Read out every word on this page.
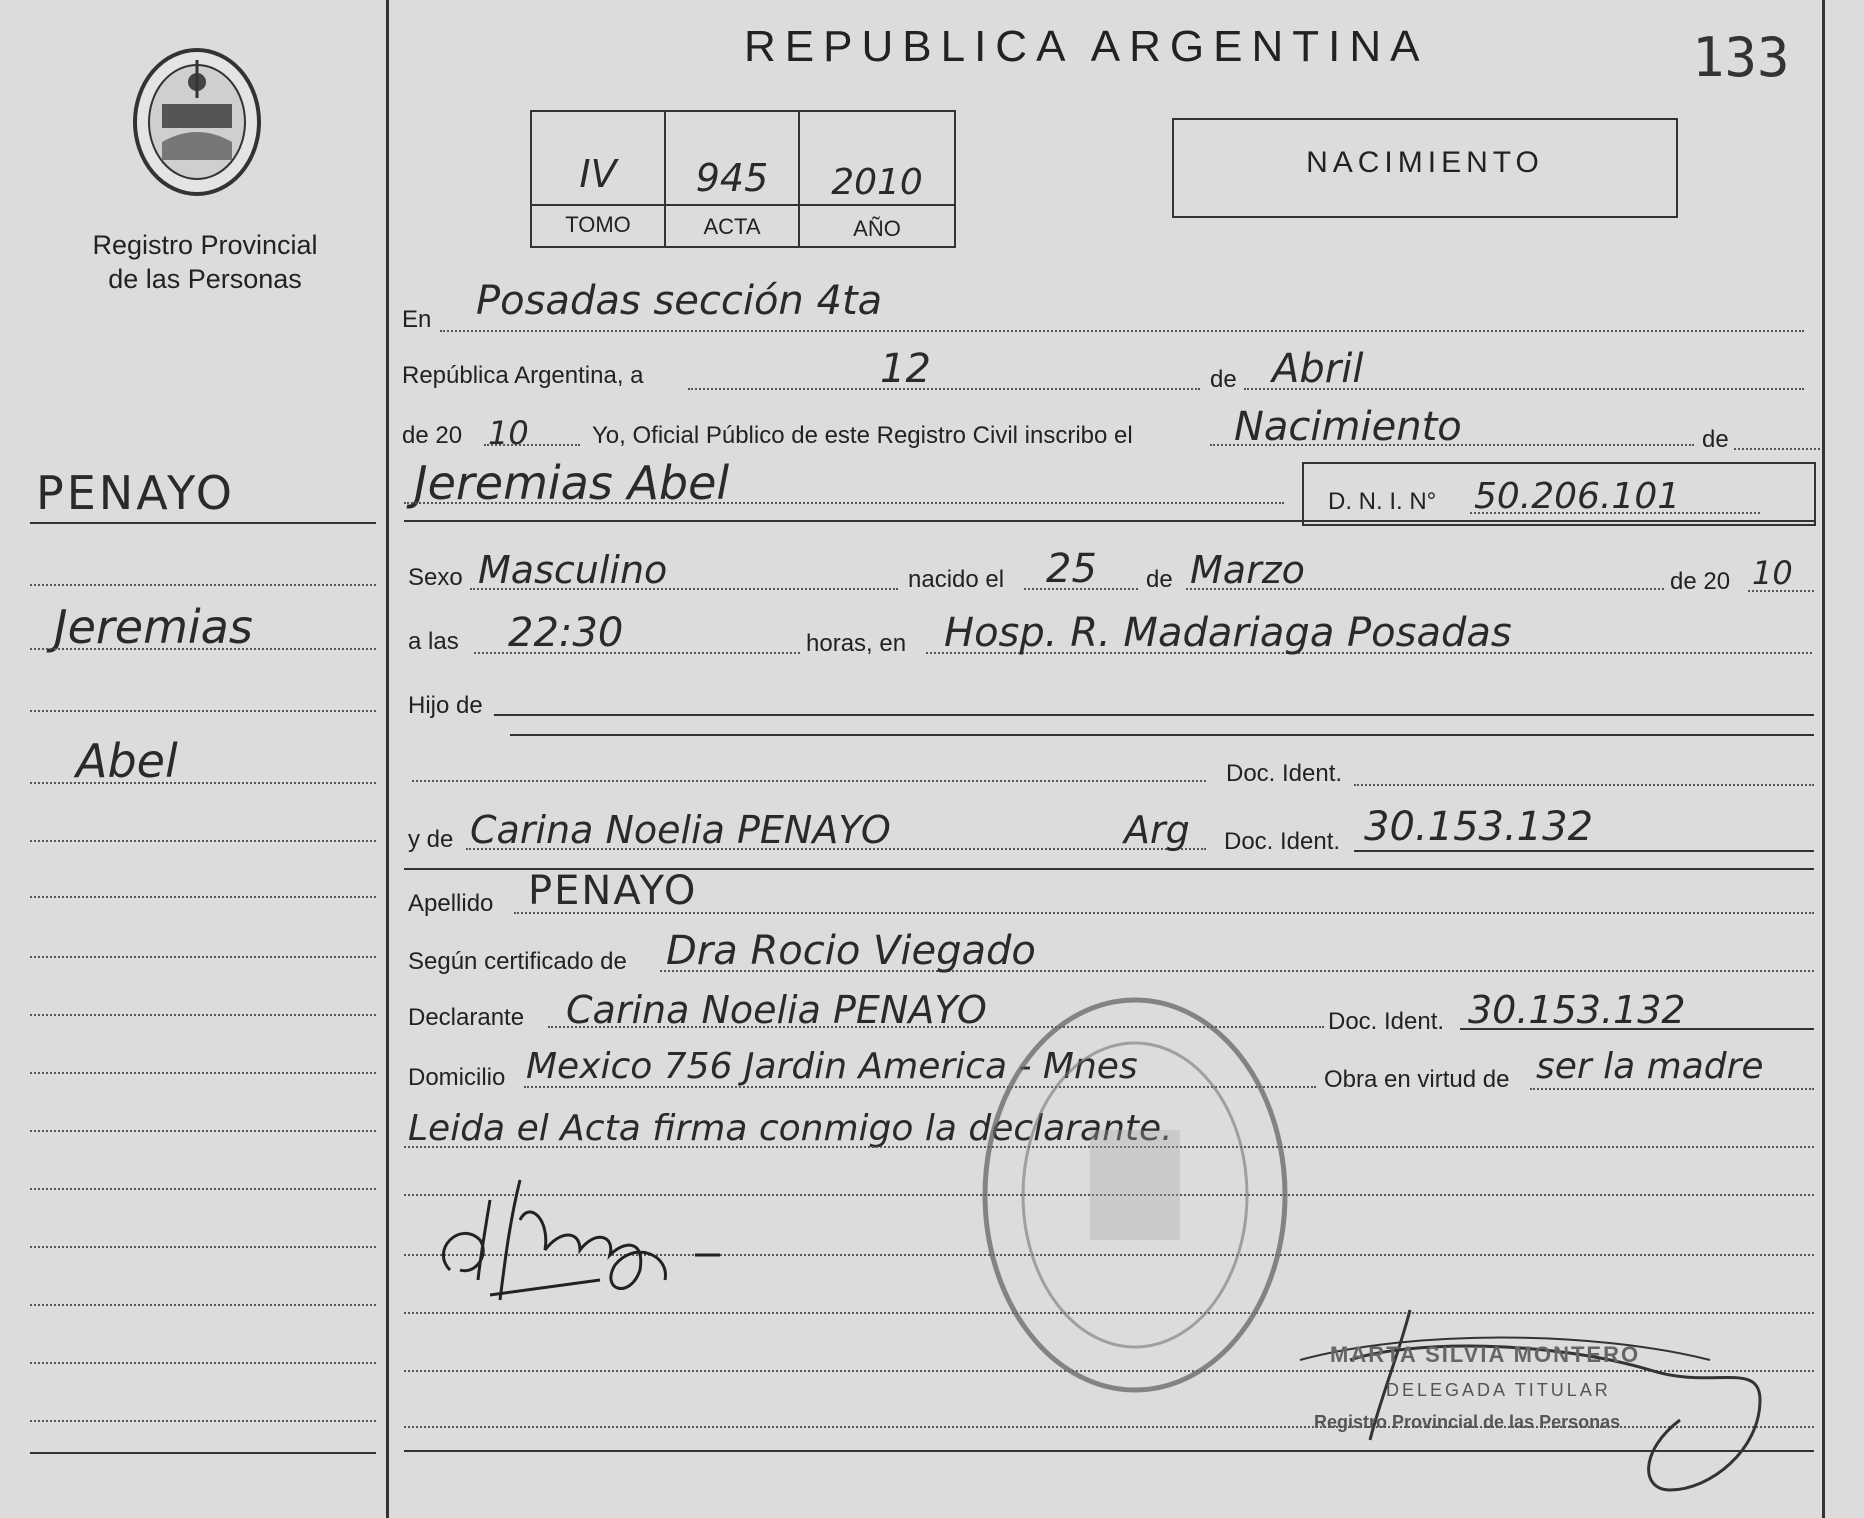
Registro Provincial
de las Personas
REPUBLICA ARGENTINA	133
IV	945	2010
TOMO	ACTA	AÑO
NACIMIENTO
PENAYO
Jeremias
Abel
En Posadas sección 4ta
República Argentina, a	12	de Abril
de 20 10	Yo, Oficial Público de este Registro Civil inscribo el	Nacimiento	de
Jeremias Abel	D. N. I. N° 50.206.101
Sexo Masculino	nacido el 25 de Marzo	de 20 10
a las 22:30	horas, en Hosp. R. Madariaga Posadas
Hijo de
Doc. Ident.
y de Carina Noelia PENAYO	Arg Doc. Ident. 30.153.132
Apellido PENAYO
Según certificado de Dra Rocio Viegado
Declarante Carina Noelia PENAYO	Doc. Ident. 30.153.132
Domicilio Mexico 756 Jardin America - Mnes	Obra en virtud de ser la madre
Leida el Acta firma conmigo la declarante.
MARTA SILVIA MONTERO
DELEGADA TITULAR
Registro Provincial de las Personas
